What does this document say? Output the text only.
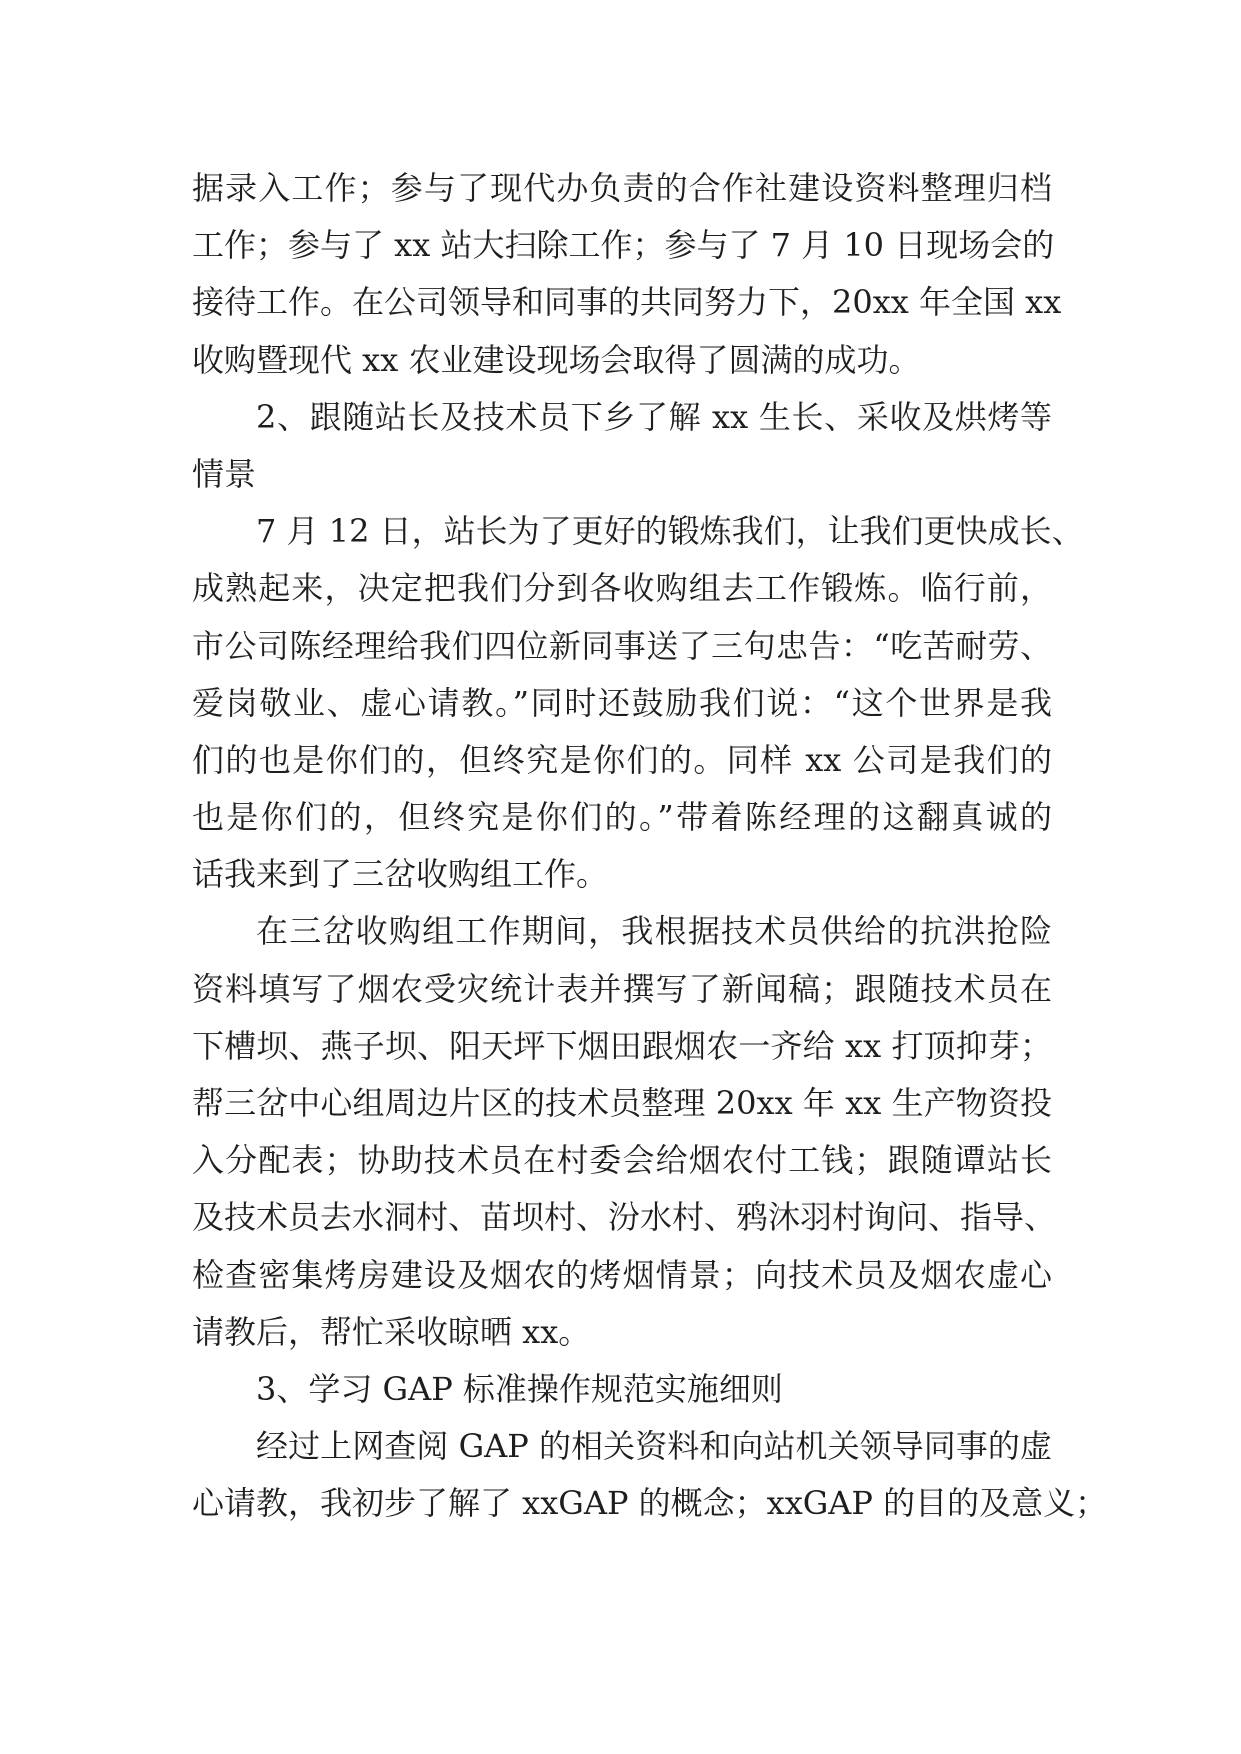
据录入工作；参与了现代办负责的合作社建设资料整理归档
工作；参与了 xx 站大扫除工作；参与了 7 月 10 日现场会的
接待工作。在公司领导和同事的共同努力下，20xx 年全国 xx
收购暨现代 xx 农业建设现场会取得了圆满的成功。
2、跟随站长及技术员下乡了解 xx 生长、采收及烘烤等
情景
7 月 12 日，站长为了更好的锻炼我们，让我们更快成长、
成熟起来，决定把我们分到各收购组去工作锻炼。临行前，
市公司陈经理给我们四位新同事送了三句忠告：“吃苦耐劳、
爱岗敬业、虚心请教。”同时还鼓励我们说：“这个世界是我
们的也是你们的，但终究是你们的。同样 xx 公司是我们的
也是你们的，但终究是你们的。”带着陈经理的这翻真诚的
话我来到了三岔收购组工作。
在三岔收购组工作期间，我根据技术员供给的抗洪抢险
资料填写了烟农受灾统计表并撰写了新闻稿；跟随技术员在
下槽坝、燕子坝、阳天坪下烟田跟烟农一齐给 xx 打顶抑芽；
帮三岔中心组周边片区的技术员整理 20xx 年 xx 生产物资投
入分配表；协助技术员在村委会给烟农付工钱；跟随谭站长
及技术员去水洞村、苗坝村、汾水村、鸦沐羽村询问、指导、
检查密集烤房建设及烟农的烤烟情景；向技术员及烟农虚心
请教后，帮忙采收晾晒 xx。
3、学习 GAP 标准操作规范实施细则
经过上网查阅 GAP 的相关资料和向站机关领导同事的虚
心请教，我初步了解了 xxGAP 的概念；xxGAP 的目的及意义；
